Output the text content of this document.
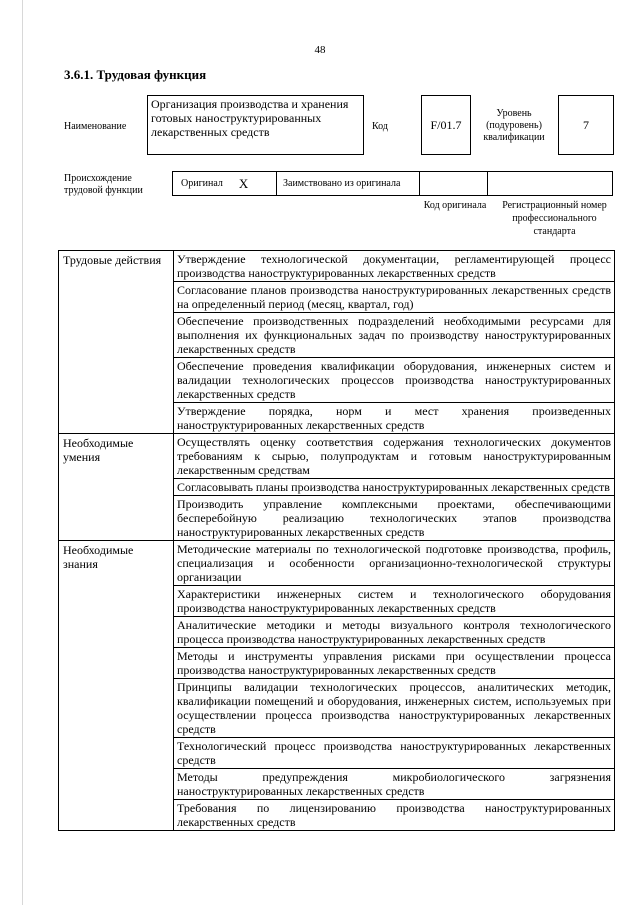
48
3.6.1. Трудовая функция
Наименование
Организация производства и хранения готовых наноструктурированных лекарственных средств	Код	F/01.7
Уровень (подуровень) квалификации
7
Происхождение трудовой функции
Оригинал X	Заимствовано из оригинала
Код оригинала	Регистрационный номер профессионального стандарта
Трудовые действия	Утверждение технологической документации, регламентирующей процесс производства наноструктурированных лекарственных средств
	Согласование планов производства наноструктурированных лекарственных средств на определенный период (месяц, квартал, год)
	Обеспечение производственных подразделений необходимыми ресурсами для выполнения их функциональных задач по производству наноструктурированных лекарственных средств
	Обеспечение проведения квалификации оборудования, инженерных систем и валидации технологических процессов производства наноструктурированных лекарственных средств
	Утверждение порядка, норм и мест хранения произведенных наноструктурированных лекарственных средств
Необходимые умения	Осуществлять оценку соответствия содержания технологических документов требованиям к сырью, полупродуктам и готовым наноструктурированным лекарственным средствам
	Согласовывать планы производства наноструктурированных лекарственных средств
	Производить управление комплексными проектами, обеспечивающими бесперебойную реализацию технологических этапов производства наноструктурированных лекарственных средств
Необходимые знания	Методические материалы по технологической подготовке производства, профиль, специализация и особенности организационно-технологической структуры организации
	Характеристики инженерных систем и технологического оборудования производства наноструктурированных лекарственных средств
	Аналитические методики и методы визуального контроля технологического процесса производства наноструктурированных лекарственных средств
	Методы и инструменты управления рисками при осуществлении процесса производства наноструктурированных лекарственных средств
	Принципы валидации технологических процессов, аналитических методик, квалификации помещений и оборудования, инженерных систем, используемых при осуществлении процесса производства наноструктурированных лекарственных средств
	Технологический процесс производства наноструктурированных лекарственных средств
	Методы предупреждения микробиологического загрязнения наноструктурированных лекарственных средств
	Требования по лицензированию производства наноструктурированных лекарственных средств
